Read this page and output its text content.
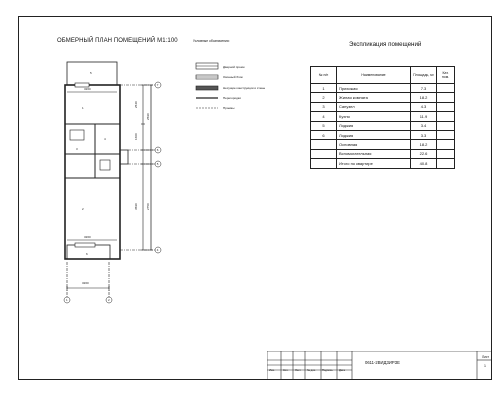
ОБМЕРНЫЙ ПЛАН ПОМЕЩЕНИЙ М1:100
7
6
5
4
1	2
5
1
3
2
4
6
3260
3260
3260
2540
1600
3590
2590
2750
Условные обозначения:
Дверной проем
Оконный блок
Несущие конструкции и стены
Перегородки
Проемы
Экспликация помещений
№ п/п	Наименование	Площадь, м²	Кат. пом.
1	Прихожая	7.3	
2	Жилая комната	18.2	
3	Санузел	4.3	
4	Кухня	11.9	
5	Лоджия	3.4	
6	Лоджия	3.3	
	Основная	18.2	
	Вспомогательная	22.6	
	Итого по квартире	40.8	
0611-2ВИДЗИРЗЕ
Лист
1
Изм.	Кол. Лист № док. Подпись Дата
